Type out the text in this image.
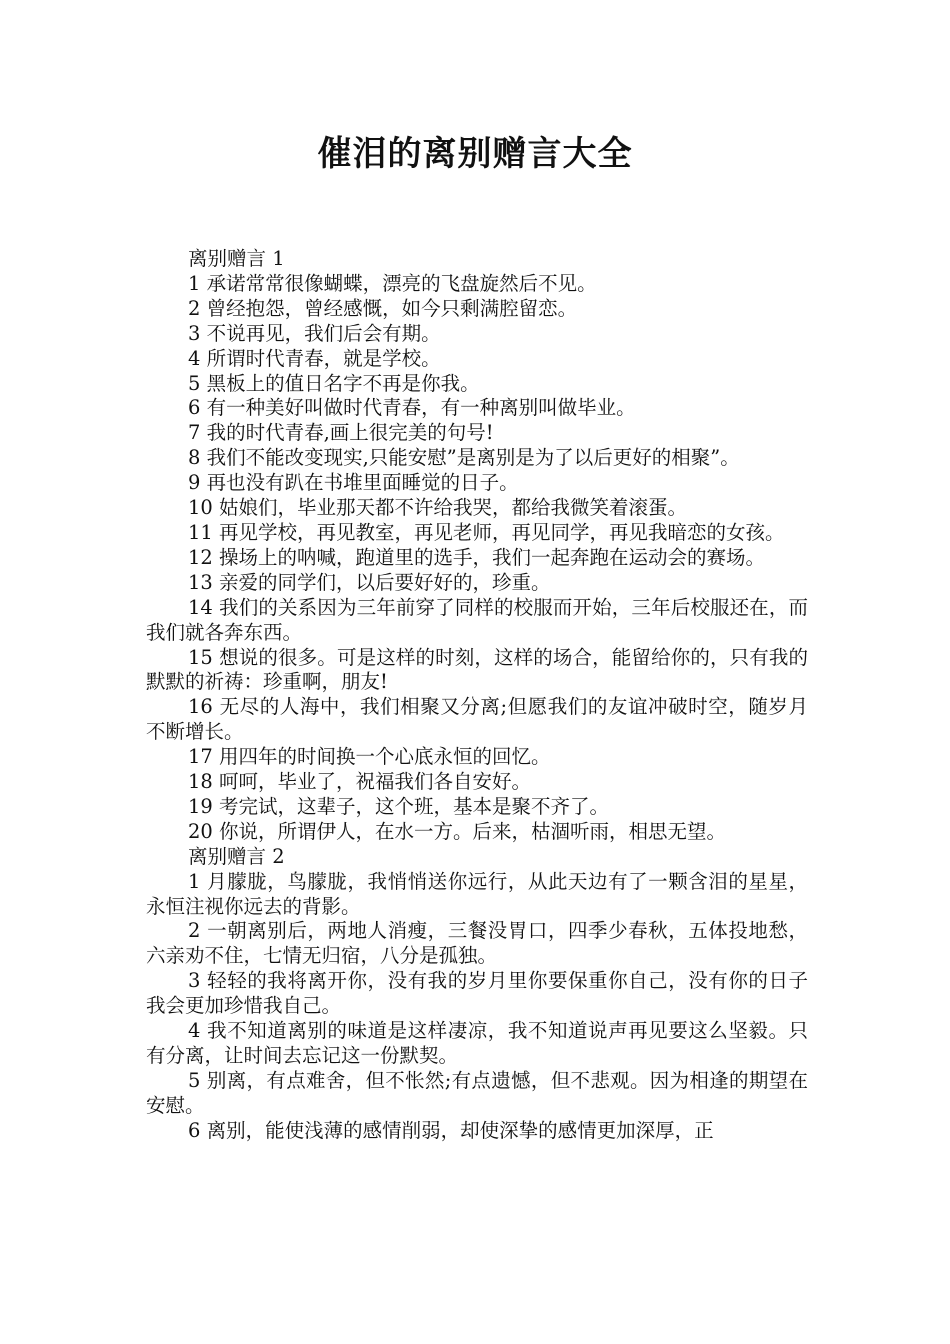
催泪的离别赠言大全

离别赠言 1

1 承诺常常很像蝴蝶，漂亮的飞盘旋然后不见。

2 曾经抱怨，曾经感慨，如今只剩满腔留恋。

3 不说再见，我们后会有期。

4 所谓时代青春，就是学校。

5 黑板上的值日名字不再是你我。

6 有一种美好叫做时代青春，有一种离别叫做毕业。

7 我的时代青春,画上很完美的句号!

8 我们不能改变现实,只能安慰”是离别是为了以后更好的相聚”。

9 再也没有趴在书堆里面睡觉的日子。

10 姑娘们，毕业那天都不许给我哭，都给我微笑着滚蛋。

11 再见学校，再见教室，再见老师，再见同学，再见我暗恋的女孩。

12 操场上的呐喊，跑道里的选手，我们一起奔跑在运动会的赛场。

13 亲爱的同学们，以后要好好的，珍重。

14 我们的关系因为三年前穿了同样的校服而开始，三年后校服还在，而我们就各奔东西。

15 想说的很多。可是这样的时刻，这样的场合，能留给你的，只有我的默默的祈祷：珍重啊，朋友!

16 无尽的人海中，我们相聚又分离;但愿我们的友谊冲破时空，随岁月不断增长。

17 用四年的时间换一个心底永恒的回忆。

18 呵呵，毕业了，祝福我们各自安好。

19 考完试，这辈子，这个班，基本是聚不齐了。

20 你说，所谓伊人，在水一方。后来，枯涸听雨，相思无望。

离别赠言 2

1 月朦胧，鸟朦胧，我悄悄送你远行，从此天边有了一颗含泪的星星，永恒注视你远去的背影。

2 一朝离别后，两地人消瘦，三餐没胃口，四季少春秋，五体投地愁，六亲劝不住，七情无归宿，八分是孤独。

3 轻轻的我将离开你，没有我的岁月里你要保重你自己，没有你的日子我会更加珍惜我自己。

4 我不知道离别的味道是这样凄凉，我不知道说声再见要这么坚毅。只有分离，让时间去忘记这一份默契。

5 别离，有点难舍，但不怅然;有点遗憾，但不悲观。因为相逢的期望在安慰。

6 离别，能使浅薄的感情削弱，却使深挚的感情更加深厚，正
